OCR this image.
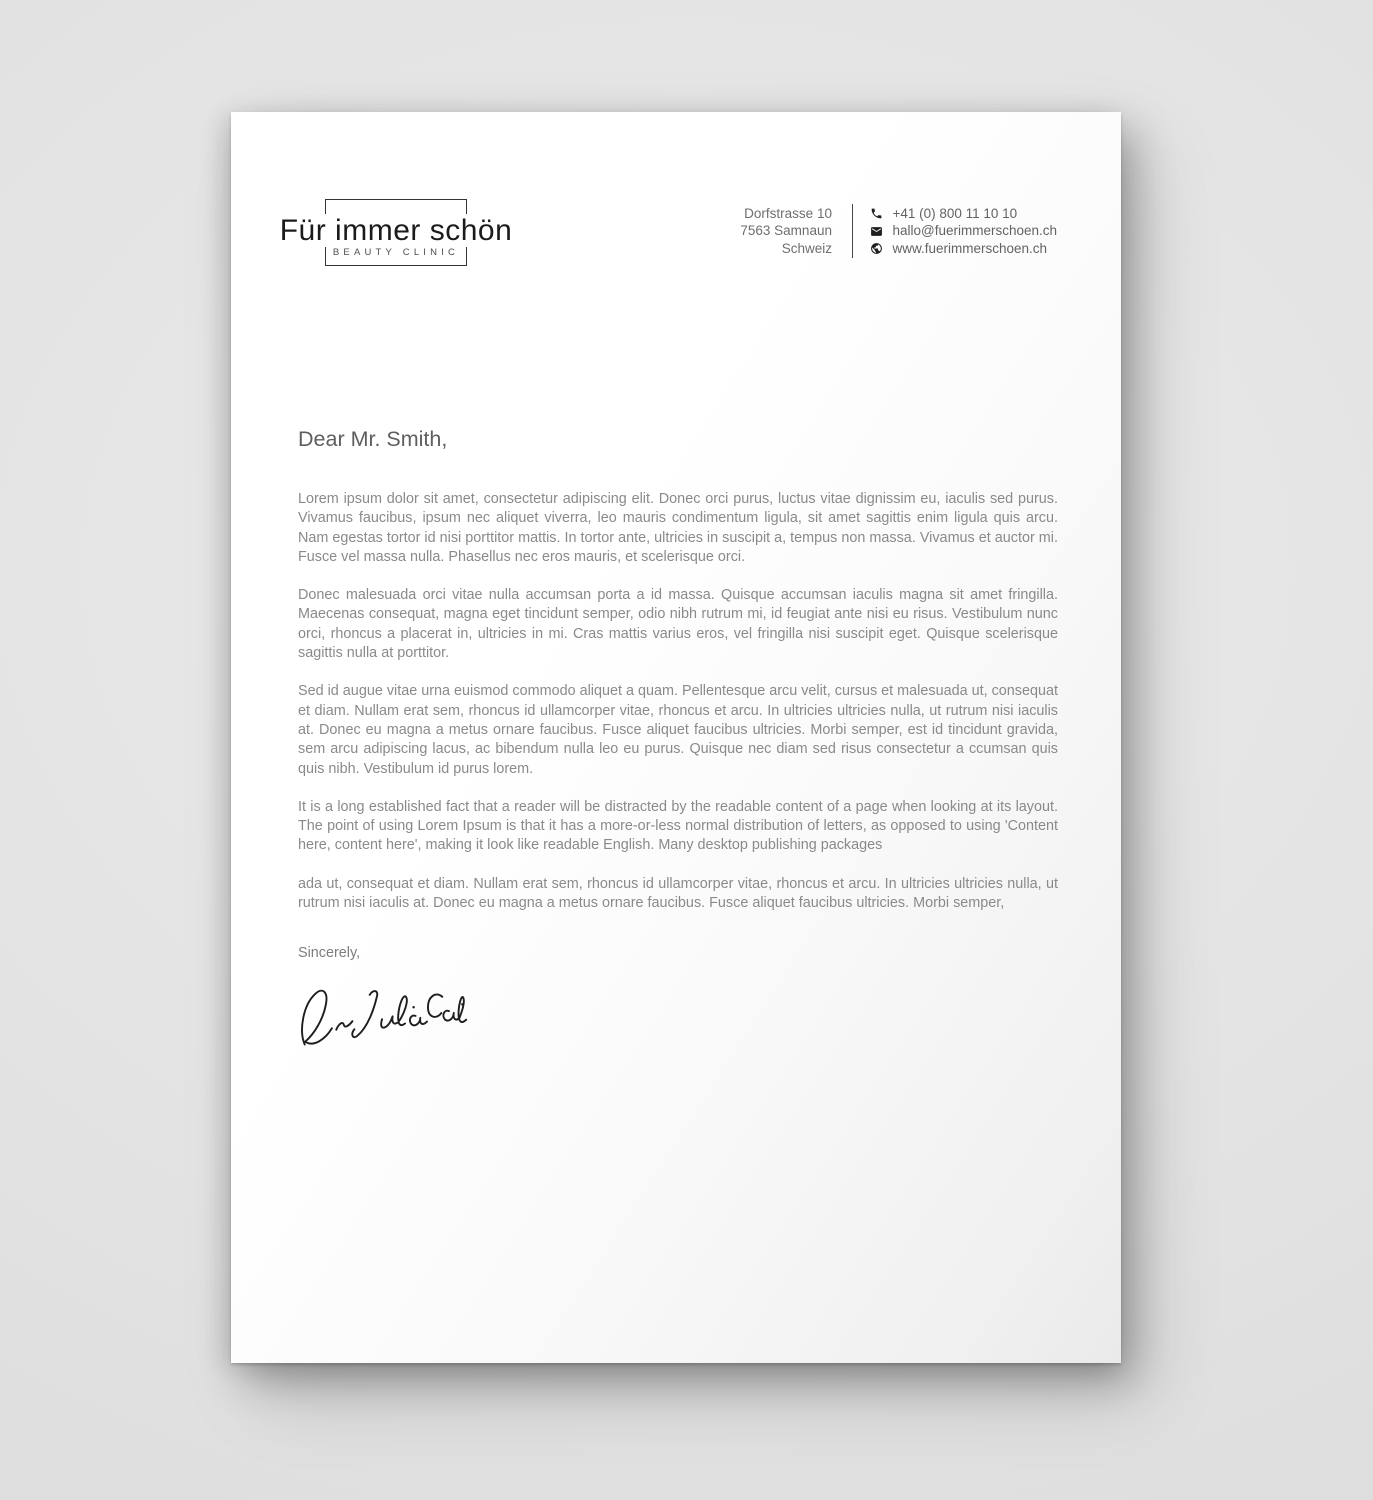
Für immer schön
BEAUTY CLINIC
Dorfstrasse 10
7563 Samnaun
Schweiz
+41 (0) 800 11 10 10
hallo@fuerimmerschoen.ch
www.fuerimmerschoen.ch
Dear Mr. Smith,

Lorem ipsum dolor sit amet, consectetur adipiscing elit. Donec orci purus, luctus vitae dignissim eu, iaculis sed purus. Vivamus faucibus, ipsum nec aliquet viverra, leo mauris condimentum ligula, sit amet sagittis enim ligula quis arcu. Nam egestas tortor id nisi porttitor mattis. In tortor ante, ultricies in suscipit a, tempus non massa. Vivamus et auctor mi. Fusce vel massa nulla. Phasellus nec eros mauris, et scelerisque orci.

Donec malesuada orci vitae nulla accumsan porta a id massa. Quisque accumsan iaculis magna sit amet fringilla. Maecenas consequat, magna eget tincidunt semper, odio nibh rutrum mi, id feugiat ante nisi eu risus. Vestibulum nunc orci, rhoncus a placerat in, ultricies in mi. Cras mattis varius eros, vel fringilla nisi suscipit eget. Quisque scelerisque sagittis nulla at porttitor.

Sed id augue vitae urna euismod commodo aliquet a quam. Pellentesque arcu velit, cursus et malesuada ut, consequat et diam. Nullam erat sem, rhoncus id ullamcorper vitae, rhoncus et arcu. In ultricies ultricies nulla, ut rutrum nisi iaculis at. Donec eu magna a metus ornare faucibus. Fusce aliquet faucibus ultricies. Morbi semper, est id tincidunt gravida, sem arcu adipiscing lacus, ac bibendum nulla leo eu purus. Quisque nec diam sed risus consectetur a ccumsan quis quis nibh. Vestibulum id purus lorem.

It is a long established fact that a reader will be distracted by the readable content of a page when looking at its layout. The point of using Lorem Ipsum is that it has a more-or-less normal distribution of letters, as opposed to using 'Content here, content here', making it look like readable English. Many desktop publishing packages

ada ut, consequat et diam. Nullam erat sem, rhoncus id ullamcorper vitae, rhoncus et arcu. In ultricies ultricies nulla, ut rutrum nisi iaculis at. Donec eu magna a metus ornare faucibus. Fusce aliquet faucibus ultricies. Morbi semper,

Sincerely,
